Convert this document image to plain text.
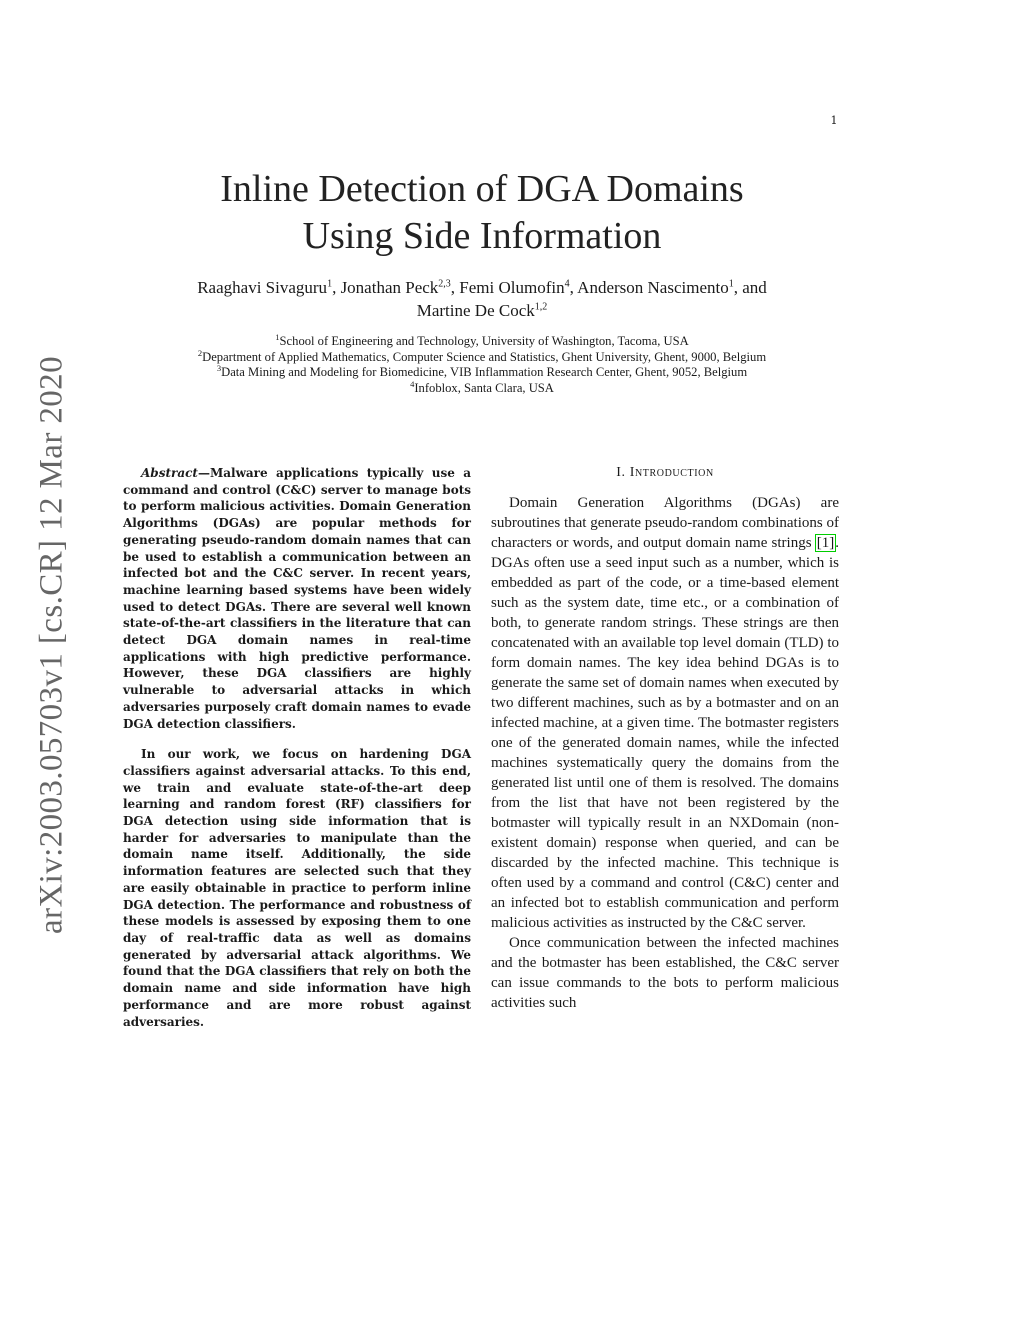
1
arXiv:2003.05703v1 [cs.CR] 12 Mar 2020
Inline Detection of DGA Domains
Using Side Information
Raaghavi Sivaguru$^1$, Jonathan Peck$^{2,3}$, Femi Olumofin$^4$, Anderson Nascimento$^1$, and
Martine De Cock$^{1,2}$
$^1$School of Engineering and Technology, University of Washington, Tacoma, USA
$^2$Department of Applied Mathematics, Computer Science and Statistics, Ghent University, Ghent, 9000, Belgium
$^3$Data Mining and Modeling for Biomedicine, VIB Inflammation Research Center, Ghent, 9052, Belgium
$^4$Infoblox, Santa Clara, USA

Abstract—Malware applications typically use a command and control (C&C) server to manage bots to perform malicious activities. Domain Generation Algorithms (DGAs) are popular methods for generating pseudo-random domain names that can be used to establish a communication between an infected bot and the C&C server. In recent years, machine learning based systems have been widely used to detect DGAs. There are several well known state-of-the-art classifiers in the literature that can detect DGA domain names in real-time applications with high predictive performance. However, these DGA classifiers are highly vulnerable to adversarial attacks in which adversaries purposely craft domain names to evade DGA detection classifiers.

In our work, we focus on hardening DGA classifiers against adversarial attacks. To this end, we train and evaluate state-of-the-art deep learning and random forest (RF) classifiers for DGA detection using side information that is harder for adversaries to manipulate than the domain name itself. Additionally, the side information features are selected such that they are easily obtainable in practice to perform inline DGA detection. The performance and robustness of these models is assessed by exposing them to one day of real-traffic data as well as domains generated by adversarial attack algorithms. We found that the DGA classifiers that rely on both the domain name and side information have high performance and are more robust against adversaries.

I. Introduction

Domain Generation Algorithms (DGAs) are subroutines that generate pseudo-random combinations of characters or words, and output domain name strings [1]. DGAs often use a seed input such as a number, which is embedded as part of the code, or a time-based element such as the system date, time etc., or a combination of both, to generate random strings. These strings are then concatenated with an available top level domain (TLD) to form domain names. The key idea behind DGAs is to generate the same set of domain names when executed by two different machines, such as by a botmaster and on an infected machine, at a given time. The botmaster registers one of the generated domain names, while the infected machines systematically query the domains from the generated list until one of them is resolved. The domains from the list that have not been registered by the botmaster will typically result in an NXDomain (non-existent domain) response when queried, and can be discarded by the infected machine. This technique is often used by a command and control (C&C) center and an infected bot to establish communication and perform malicious activities as instructed by the C&C server.

Once communication between the infected machines and the botmaster has been established, the C&C server can issue commands to the bots to perform malicious activities such
